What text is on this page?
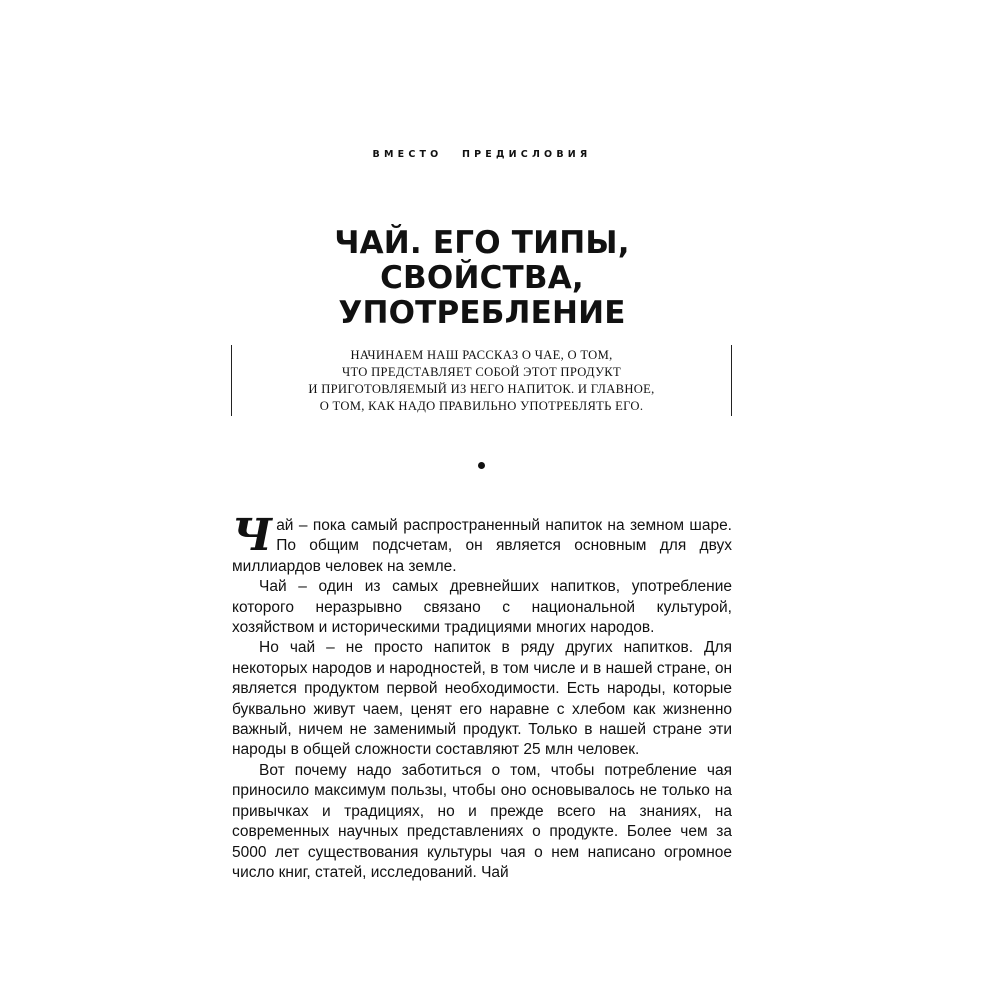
ВМЕСТО ПРЕДИСЛОВИЯ
ЧАЙ. ЕГО ТИПЫ, СВОЙСТВА,
УПОТРЕБЛЕНИЕ
НАЧИНАЕМ НАШ РАССКАЗ О ЧАЕ, О ТОМ,
ЧТО ПРЕДСТАВЛЯЕТ СОБОЙ ЭТОТ ПРОДУКТ
И ПРИГОТОВЛЯЕМЫЙ ИЗ НЕГО НАПИТОК. И ГЛАВНОЕ,
О ТОМ, КАК НАДО ПРАВИЛЬНО УПОТРЕБЛЯТЬ ЕГО.

Чай – пока самый распространенный напиток на земном шаре. По общим подсчетам, он является основным для двух миллиардов человек на земле.

Чай – один из самых древнейших напитков, употребление которого неразрывно связано с национальной культурой, хозяйством и историческими традициями многих народов.

Но чай – не просто напиток в ряду других напитков. Для некоторых народов и народностей, в том числе и в нашей стране, он является продуктом первой необходимости. Есть народы, которые буквально живут чаем, ценят его наравне с хлебом как жизненно важный, ничем не заменимый продукт. Только в нашей стране эти народы в общей сложности составляют 25 млн человек.

Вот почему надо заботиться о том, чтобы потребление чая приносило максимум пользы, чтобы оно основывалось не только на привычках и традициях, но и прежде всего на знаниях, на современных научных представлениях о продукте. Более чем за 5000 лет существования культуры чая о нем написано огромное число книг, статей, исследований. Чай
